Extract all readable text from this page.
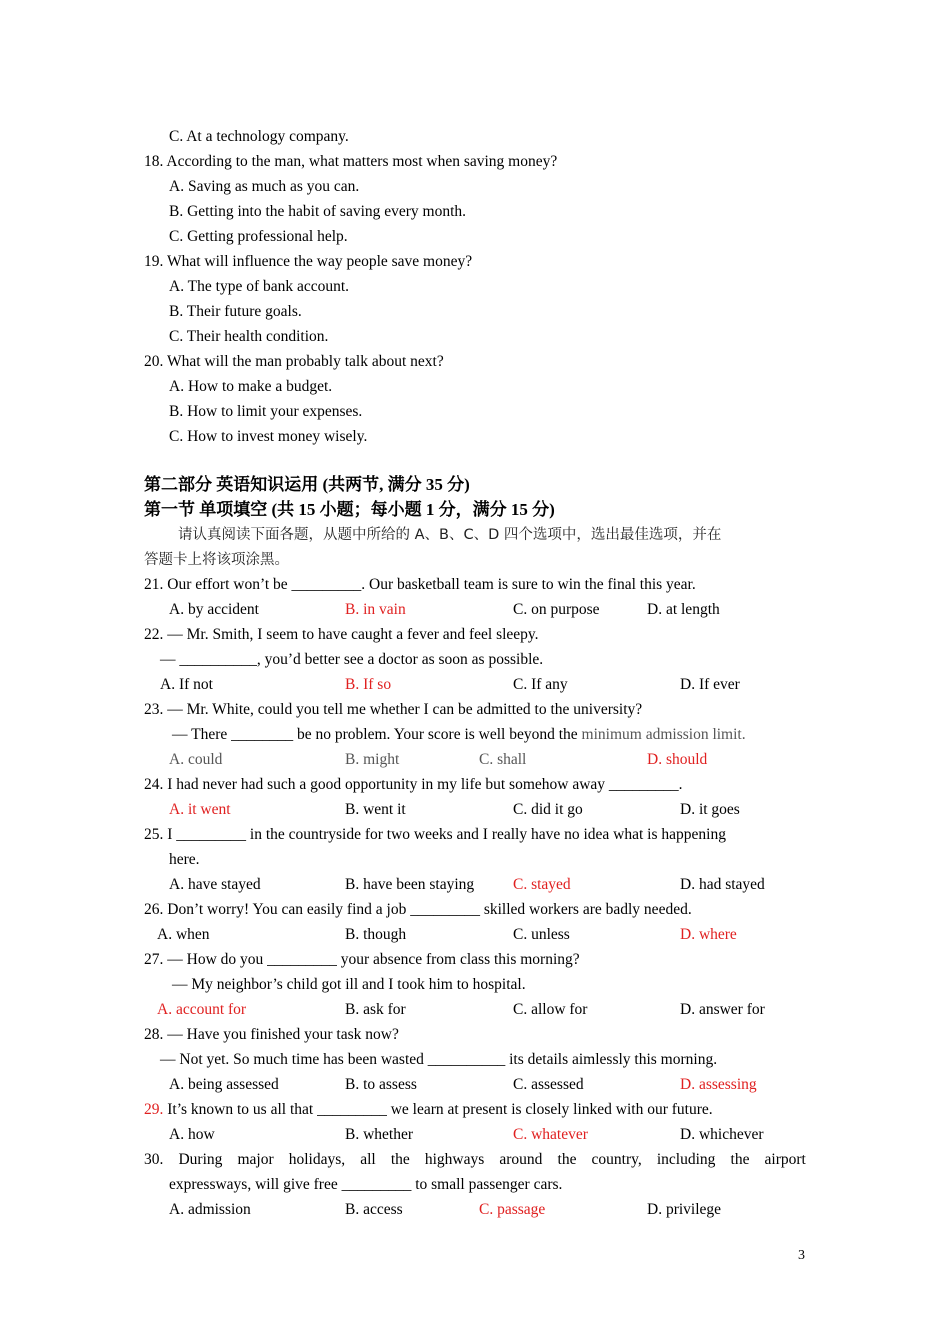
C. At a technology company.
18. According to the man, what matters most when saving money?
A. Saving as much as you can.
B. Getting into the habit of saving every month.
C. Getting professional help.
19. What will influence the way people save money?
A. The type of bank account.
B. Their future goals.
C. Their health condition.
20. What will the man probably talk about next?
A. How to make a budget.
B. How to limit your expenses.
C. How to invest money wisely.
第二部分 英语知识运用 (共两节, 满分 35 分)
第一节 单项填空 (共 15 小题；每小题 1 分，满分 15 分)
请认真阅读下面各题，从题中所给的 A、B、C、D 四个选项中，选出最佳选项，并在
答题卡上将该项涂黑。
21. Our effort won’t be _________. Our basketball team is sure to win the final this year.
A. by accident	B. in vain	C. on purpose	D. at length
22. ― Mr. Smith, I seem to have caught a fever and feel sleepy.
― __________, you’d better see a doctor as soon as possible.
A. If not	B. If so	C. If any	D. If ever
23. ― Mr. White, could you tell me whether I can be admitted to the university?
― There ________ be no problem. Your score is well beyond the minimum admission limit.
A. could	B. might	C. shall	D. should
24. I had never had such a good opportunity in my life but somehow away _________.
A. it went	B. went it	C. did it go	D. it goes
25. I _________ in the countryside for two weeks and I really have no idea what is happening
here.
A. have stayed	B. have been staying	C. stayed	D. had stayed
26. Don’t worry! You can easily find a job _________ skilled workers are badly needed.
A. when	B. though	C. unless	D. where
27. ― How do you _________ your absence from class this morning?
― My neighbor’s child got ill and I took him to hospital.
A. account for	B. ask for	C. allow for	D. answer for
28. ― Have you finished your task now?
― Not yet. So much time has been wasted __________ its details aimlessly this morning.
A. being assessed	B. to assess	C. assessed	D. assessing
29. It’s known to us all that _________ we learn at present is closely linked with our future.
A. how	B. whether	C. whatever	D. whichever
30. During major holidays, all the highways around the country, including the airport
expressways, will give free _________ to small passenger cars.
A. admission	B. access	C. passage	D. privilege
3
